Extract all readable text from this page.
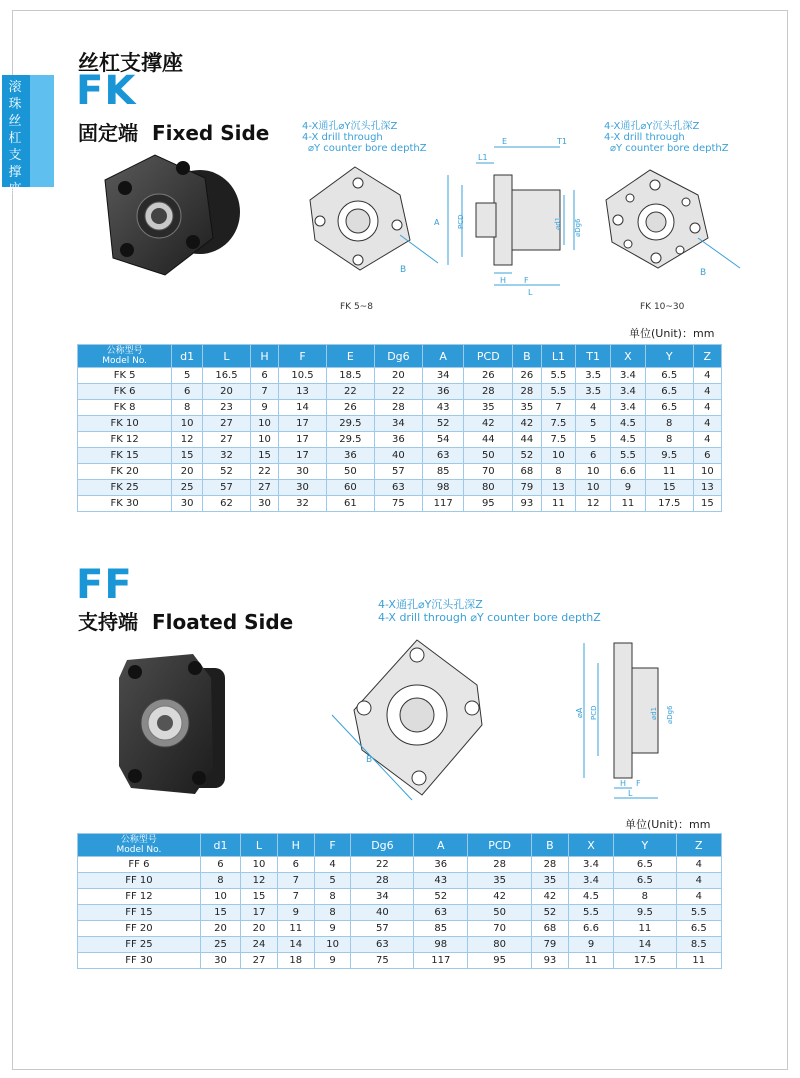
滚
珠
丝
杠
支
撑
座
丝杠支撑座
FK
固定端 Fixed Side	4-X通孔⌀Y沉头孔深Z
4-X drill through
⌀Y counter bore depthZ
4-X通孔⌀Y沉头孔深Z
4-X drill through
⌀Y counter bore depthZ
B
FK 5~8
A	PCD
E	T1
L1
H F
L
⌀d1 ⌀Dg6
B
FK 10~30
单位(Unit)：mm
公称型号
Model No.	d1	L	H	F	E	Dg6	A	PCD	B	L1	T1	X	Y	Z
FK 5	5	16.5	6	10.5	18.5	20	34	26	26	5.5	3.5	3.4	6.5	4
FK 6	6	20	7	13	22	22	36	28	28	5.5	3.5	3.4	6.5	4
FK 8	8	23	9	14	26	28	43	35	35	7	4	3.4	6.5	4
FK 10	10	27	10	17	29.5	34	52	42	42	7.5	5	4.5	8	4
FK 12	12	27	10	17	29.5	36	54	44	44	7.5	5	4.5	8	4
FK 15	15	32	15	17	36	40	63	50	52	10	6	5.5	9.5	6
FK 20	20	52	22	30	50	57	85	70	68	8	10	6.6	11	10
FK 25	25	57	27	30	60	63	98	80	79	13	10	9	15	13
FK 30	30	62	30	32	61	75	117	95	93	11	12	11	17.5	15
FF
支持端 Floated Side
4-X通孔⌀Y沉头孔深Z
4-X drill through ⌀Y counter bore depthZ
B
⌀A PCD	⌀d1 ⌀Dg6
H F
L
单位(Unit)：mm
公称型号
Model No.	d1	L	H	F	Dg6	A	PCD	B	X	Y	Z
FF 6	6	10	6	4	22	36	28	28	3.4	6.5	4
FF 10	8	12	7	5	28	43	35	35	3.4	6.5	4
FF 12	10	15	7	8	34	52	42	42	4.5	8	4
FF 15	15	17	9	8	40	63	50	52	5.5	9.5	5.5
FF 20	20	20	11	9	57	85	70	68	6.6	11	6.5
FF 25	25	24	14	10	63	98	80	79	9	14	8.5
FF 30	30	27	18	9	75	117	95	93	11	17.5	11
